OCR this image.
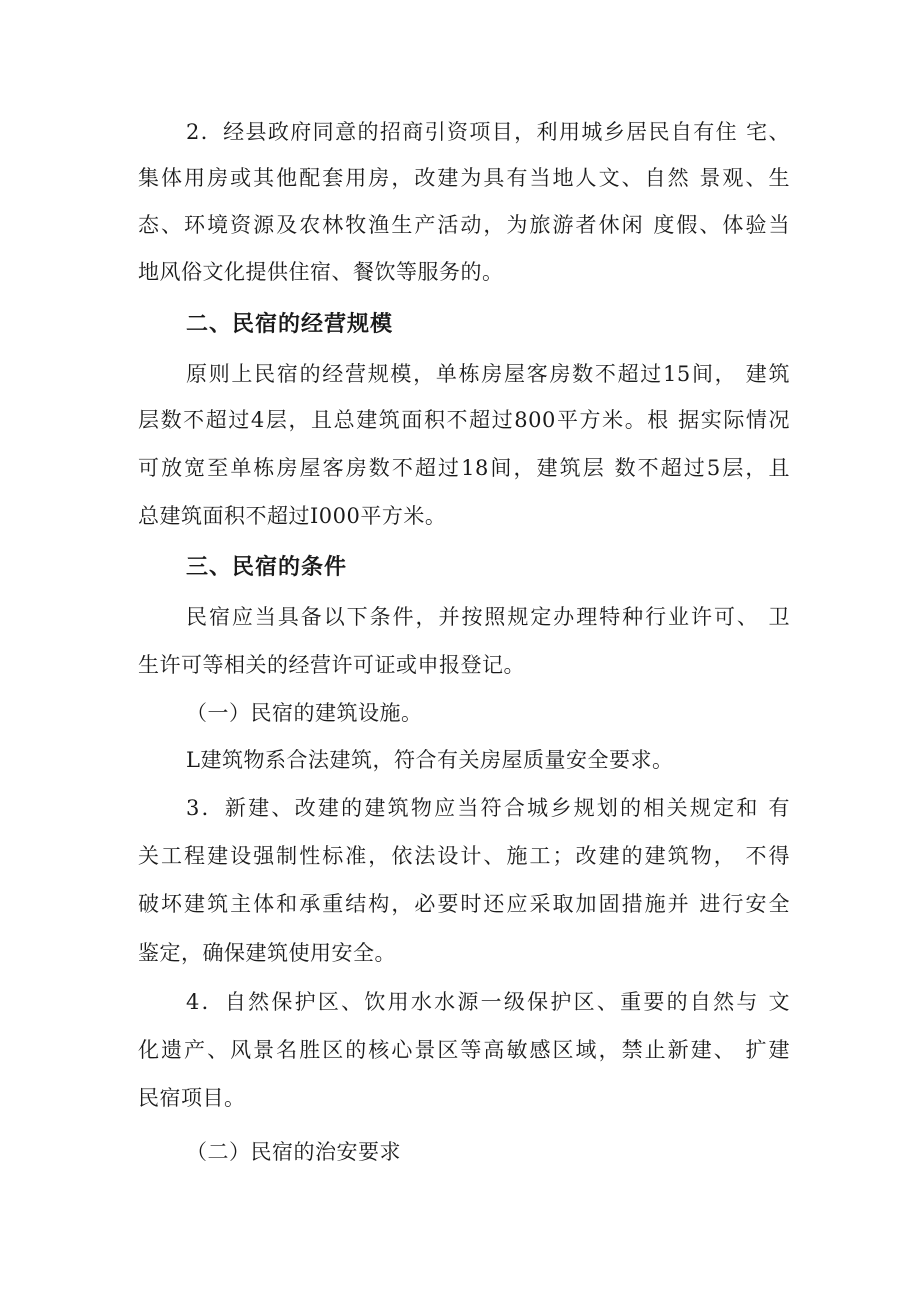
2．经县政府同意的招商引资项目，利用城乡居民自有住 宅、
集体用房或其他配套用房，改建为具有当地人文、自然 景观、生
态、环境资源及农林牧渔生产活动，为旅游者休闲 度假、体验当
地风俗文化提供住宿、餐饮等服务的。
二、民宿的经营规模
原则上民宿的经营规模，单栋房屋客房数不超过15间， 建筑
层数不超过4层，且总建筑面积不超过800平方米。根 据实际情况
可放宽至单栋房屋客房数不超过18间，建筑层 数不超过5层，且
总建筑面积不超过I000平方米。
三、民宿的条件
民宿应当具备以下条件，并按照规定办理特种行业许可、 卫
生许可等相关的经营许可证或申报登记。
（一）民宿的建筑设施。
L建筑物系合法建筑，符合有关房屋质量安全要求。
3．新建、改建的建筑物应当符合城乡规划的相关规定和 有
关工程建设强制性标准，依法设计、施工；改建的建筑物， 不得
破坏建筑主体和承重结构，必要时还应采取加固措施并 进行安全
鉴定，确保建筑使用安全。
4．自然保护区、饮用水水源一级保护区、重要的自然与 文
化遗产、风景名胜区的核心景区等高敏感区域，禁止新建、 扩建
民宿项目。
（二）民宿的治安要求
